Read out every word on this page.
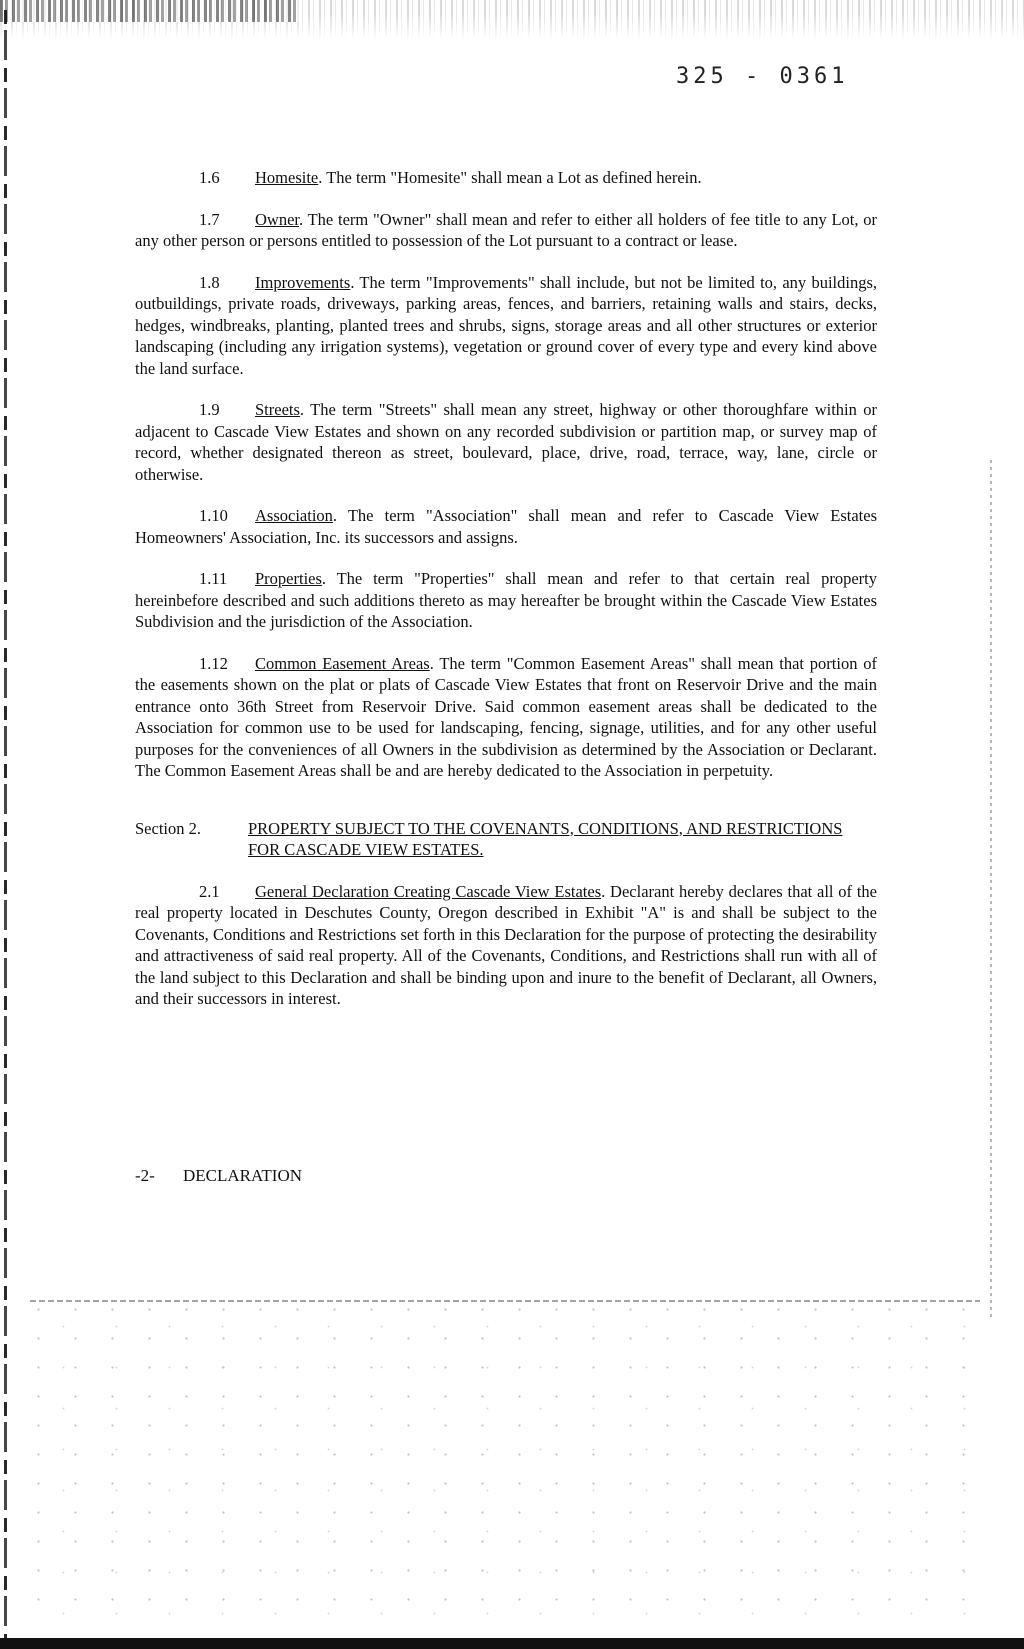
325 - 0361

1.6 Homesite. The term "Homesite" shall mean a Lot as defined herein.

1.7 Owner. The term "Owner" shall mean and refer to either all holders of fee title to any Lot, or any other person or persons entitled to possession of the Lot pursuant to a contract or lease.

1.8 Improvements. The term "Improvements" shall include, but not be limited to, any buildings, outbuildings, private roads, driveways, parking areas, fences, and barriers, retaining walls and stairs, decks, hedges, windbreaks, planting, planted trees and shrubs, signs, storage areas and all other structures or exterior landscaping (including any irrigation systems), vegetation or ground cover of every type and every kind above the land surface.

1.9 Streets. The term "Streets" shall mean any street, highway or other thoroughfare within or adjacent to Cascade View Estates and shown on any recorded subdivision or partition map, or survey map of record, whether designated thereon as street, boulevard, place, drive, road, terrace, way, lane, circle or otherwise.

1.10 Association. The term "Association" shall mean and refer to Cascade View Estates Homeowners' Association, Inc. its successors and assigns.

1.11 Properties. The term "Properties" shall mean and refer to that certain real property hereinbefore described and such additions thereto as may hereafter be brought within the Cascade View Estates Subdivision and the jurisdiction of the Association.

1.12 Common Easement Areas. The term "Common Easement Areas" shall mean that portion of the easements shown on the plat or plats of Cascade View Estates that front on Reservoir Drive and the main entrance onto 36th Street from Reservoir Drive. Said common easement areas shall be dedicated to the Association for common use to be used for landscaping, fencing, signage, utilities, and for any other useful purposes for the conveniences of all Owners in the subdivision as determined by the Association or Declarant. The Common Easement Areas shall be and are hereby dedicated to the Association in perpetuity.

Section 2.	PROPERTY SUBJECT TO THE COVENANTS, CONDITIONS, AND RESTRICTIONS FOR CASCADE VIEW ESTATES.

2.1 General Declaration Creating Cascade View Estates. Declarant hereby declares that all of the real property located in Deschutes County, Oregon described in Exhibit "A" is and shall be subject to the Covenants, Conditions and Restrictions set forth in this Declaration for the purpose of protecting the desirability and attractiveness of said real property. All of the Covenants, Conditions, and Restrictions shall run with all of the land subject to this Declaration and shall be binding upon and inure to the benefit of Declarant, all Owners, and their successors in interest.

-2- DECLARATION
